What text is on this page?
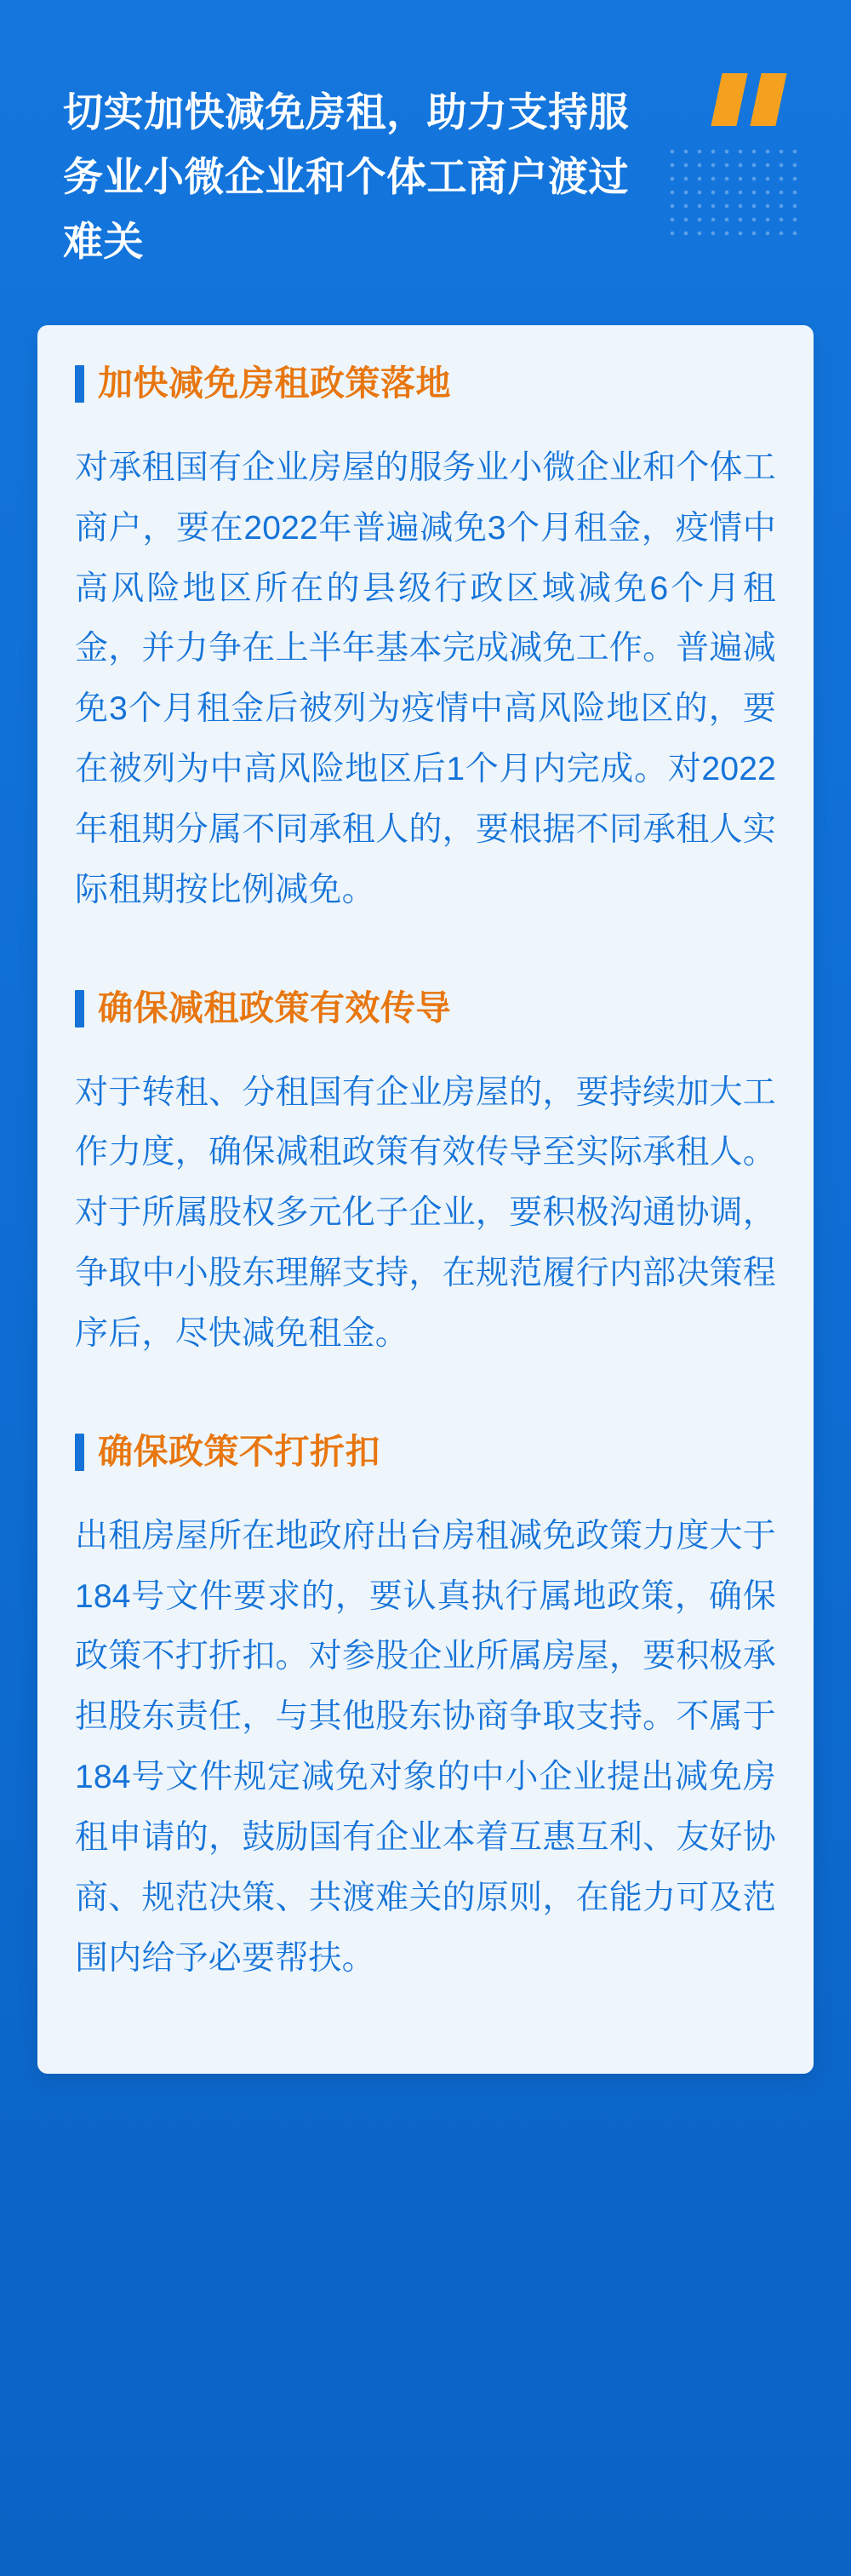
切实加快减免房租，助力支持服务业小微企业和个体工商户渡过难关
加快减免房租政策落地

对承租国有企业房屋的服务业小微企业和个体工商户，要在2022年普遍减免3个月租金，疫情中高风险地区所在的县级行政区域减免6个月租金，并力争在上半年基本完成减免工作。普遍减免3个月租金后被列为疫情中高风险地区的，要在被列为中高风险地区后1个月内完成。对2022年租期分属不同承租人的，要根据不同承租人实际租期按比例减免。

确保减租政策有效传导

对于转租、分租国有企业房屋的，要持续加大工作力度，确保减租政策有效传导至实际承租人。对于所属股权多元化子企业，要积极沟通协调，争取中小股东理解支持，在规范履行内部决策程序后，尽快减免租金。

确保政策不打折扣

出租房屋所在地政府出台房租减免政策力度大于184号文件要求的，要认真执行属地政策，确保政策不打折扣。对参股企业所属房屋，要积极承担股东责任，与其他股东协商争取支持。不属于184号文件规定减免对象的中小企业提出减免房租申请的，鼓励国有企业本着互惠互利、友好协商、规范决策、共渡难关的原则，在能力可及范围内给予必要帮扶。
